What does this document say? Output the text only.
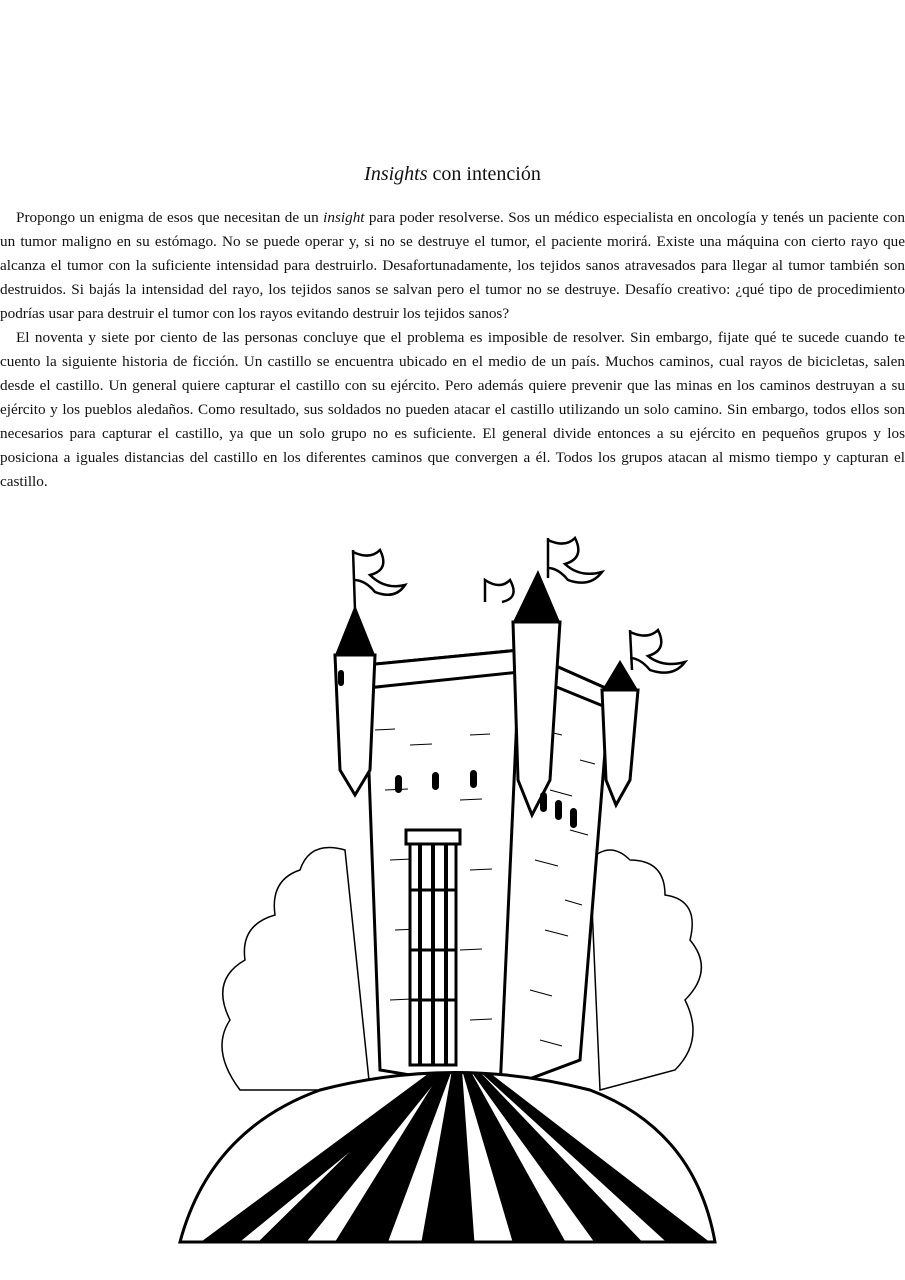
Insights con intención

Propongo un enigma de esos que necesitan de un insight para poder resolverse. Sos un médico especialista en oncología y tenés un paciente con un tumor maligno en su estómago. No se puede operar y, si no se destruye el tumor, el paciente morirá. Existe una máquina con cierto rayo que alcanza el tumor con la suficiente intensidad para destruirlo. Desafortunadamente, los tejidos sanos atravesados para llegar al tumor también son destruidos. Si bajás la intensidad del rayo, los tejidos sanos se salvan pero el tumor no se destruye. Desafío creativo: ¿qué tipo de procedimiento podrías usar para destruir el tumor con los rayos evitando destruir los tejidos sanos?

El noventa y siete por ciento de las personas concluye que el problema es imposible de resolver. Sin embargo, fijate qué te sucede cuando te cuento la siguiente historia de ficción. Un castillo se encuentra ubicado en el medio de un país. Muchos caminos, cual rayos de bicicletas, salen desde el castillo. Un general quiere capturar el castillo con su ejército. Pero además quiere prevenir que las minas en los caminos destruyan a su ejército y los pueblos aledaños. Como resultado, sus soldados no pueden atacar el castillo utilizando un solo camino. Sin embargo, todos ellos son necesarios para capturar el castillo, ya que un solo grupo no es suficiente. El general divide entonces a su ejército en pequeños grupos y los posiciona a iguales distancias del castillo en los diferentes caminos que convergen a él. Todos los grupos atacan al mismo tiempo y capturan el castillo.
